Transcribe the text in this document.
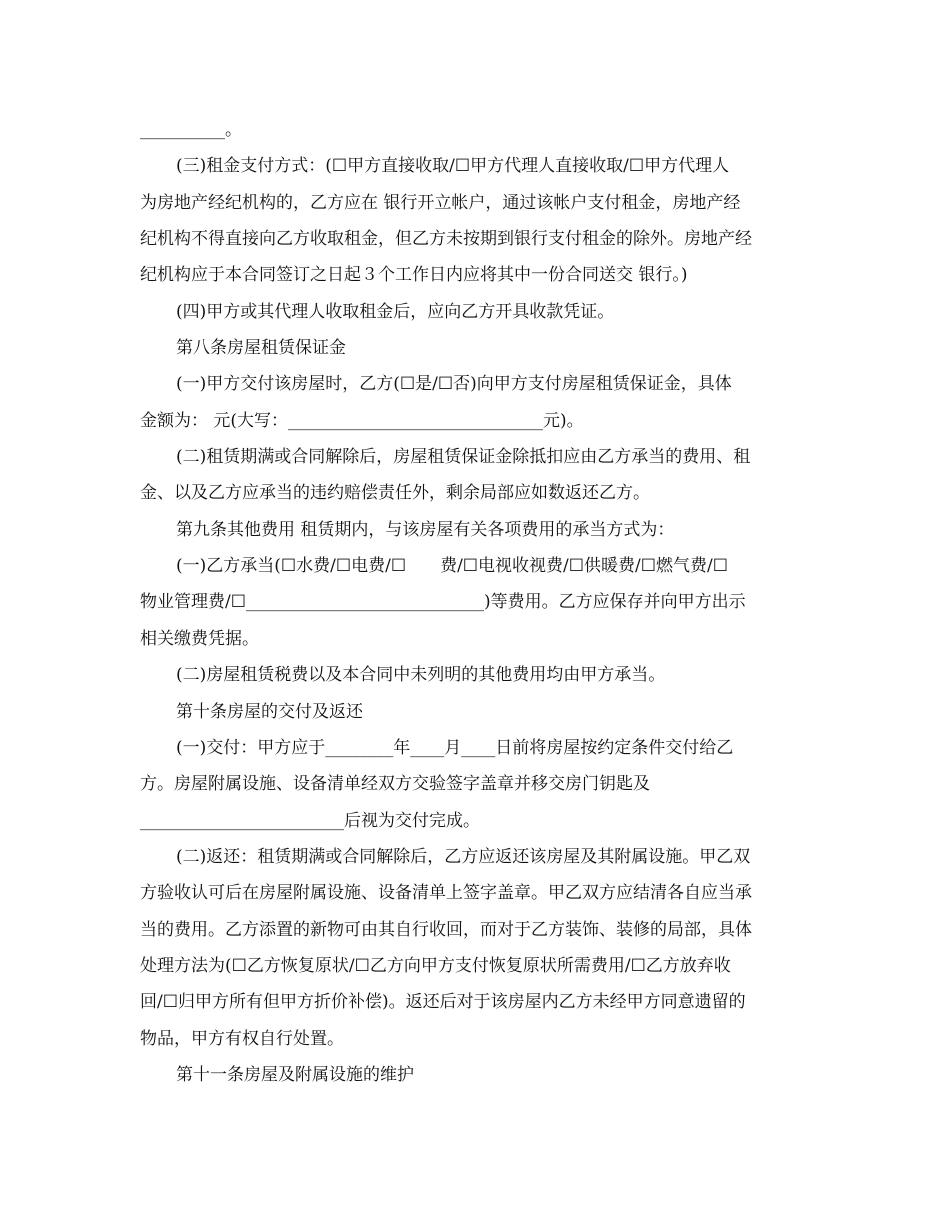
__________。
(三)租金支付方式：(☐甲方直接收取/☐甲方代理人直接收取/☐甲方代理人
为房地产经纪机构的，乙方应在 银行开立帐户，通过该帐户支付租金，房地产经
纪机构不得直接向乙方收取租金，但乙方未按期到银行支付租金的除外。房地产经
纪机构应于本合同签订之日起３个工作日内应将其中一份合同送交 银行。)
(四)甲方或其代理人收取租金后，应向乙方开具收款凭证。
第八条房屋租赁保证金
(一)甲方交付该房屋时，乙方(☐是/☐否)向甲方支付房屋租赁保证金，具体
金额为： 元(大写：______________________________元)。
(二)租赁期满或合同解除后，房屋租赁保证金除抵扣应由乙方承当的费用、租
金、以及乙方应承当的违约赔偿责任外，剩余局部应如数返还乙方。
第九条其他费用 租赁期内，与该房屋有关各项费用的承当方式为：
(一)乙方承当(☐水费/☐电费/☐　　费/☐电视收视费/☐供暖费/☐燃气费/☐
物业管理费/☐____________________________)等费用。乙方应保存并向甲方出示
相关缴费凭据。
(二)房屋租赁税费以及本合同中未列明的其他费用均由甲方承当。
第十条房屋的交付及返还
(一)交付：甲方应于________年____月____日前将房屋按约定条件交付给乙
方。房屋附属设施、设备清单经双方交验签字盖章并移交房门钥匙及
________________________后视为交付完成。
(二)返还：租赁期满或合同解除后，乙方应返还该房屋及其附属设施。甲乙双
方验收认可后在房屋附属设施、设备清单上签字盖章。甲乙双方应结清各自应当承
当的费用。乙方添置的新物可由其自行收回，而对于乙方装饰、装修的局部，具体
处理方法为(☐乙方恢复原状/☐乙方向甲方支付恢复原状所需费用/☐乙方放弃收
回/☐归甲方所有但甲方折价补偿)。返还后对于该房屋内乙方未经甲方同意遗留的
物品，甲方有权自行处置。
第十一条房屋及附属设施的维护
